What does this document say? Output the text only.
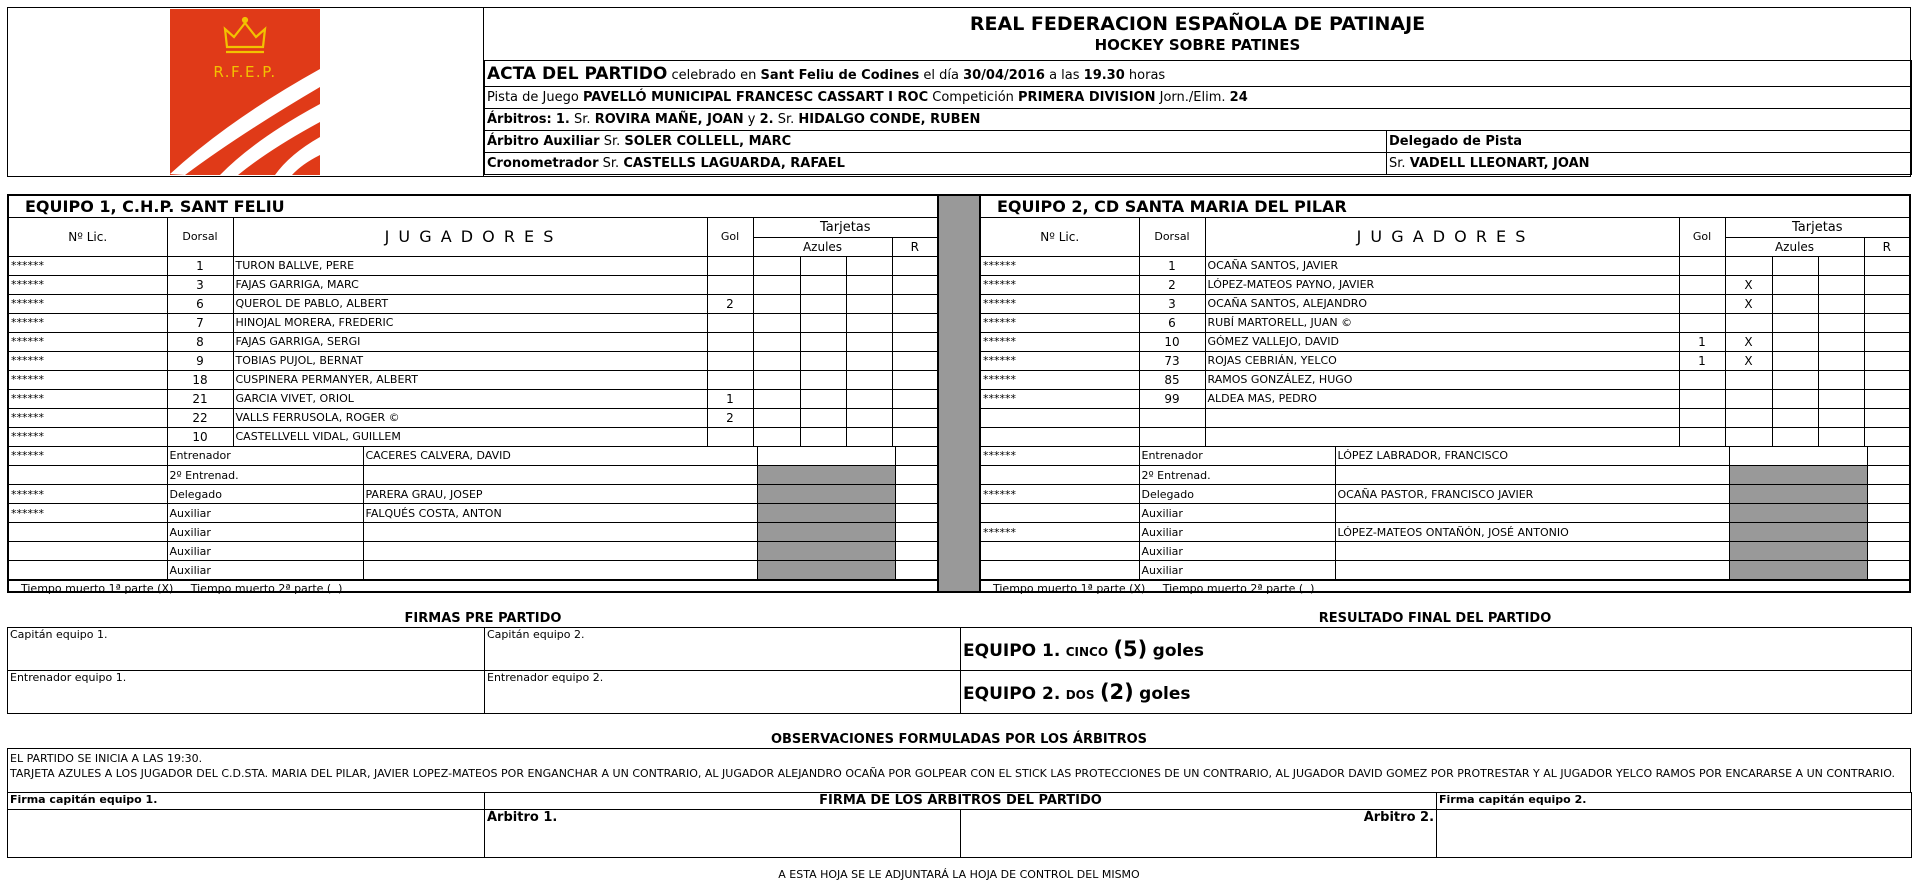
R.F.E.P.
REAL FEDERACION ESPAÑOLA DE PATINAJE
HOCKEY SOBRE PATINES
ACTA DEL PARTIDO celebrado en Sant Feliu de Codines el día 30/04/2016 a las 19.30 horas	
Pista de Juego PAVELLÓ MUNICIPAL FRANCESC CASSART I ROC Competición PRIMERA DIVISION Jorn./Elim. 24	
Árbitros: 1. Sr. ROVIRA MAÑE, JOAN y 2. Sr. HIDALGO CONDE, RUBEN	
Árbitro Auxiliar Sr. SOLER COLLELL, MARC	Delegado de Pista
Cronometrador Sr. CASTELLS LAGUARDA, RAFAEL	Sr. VADELL LLEONART, JOAN
EQUIPO 1, C.H.P. SANT FELIU
Nº Lic.	Dorsal	J U G A D O R E S	Gol	Tarjetas			
				Azules			R
******	1	TURON BALLVE, PERE					
******	3	FAJAS GARRIGA, MARC					
******	6	QUEROL DE PABLO, ALBERT	2				
******	7	HINOJAL MORERA, FREDERIC					
******	8	FAJAS GARRIGA, SERGI					
******	9	TOBIAS PUJOL, BERNAT					
******	18	CUSPINERA PERMANYER, ALBERT					
******	21	GARCIA VIVET, ORIOL	1				
******	22	VALLS FERRUSOLA, ROGER ©	2				
******	10	CASTELLVELL VIDAL, GUILLEM					
******	Entrenador	CACERES CALVERA, DAVID		
	2º Entrenad.			
******	Delegado	PARERA GRAU, JOSEP		
******	Auxiliar	FALQUÉS COSTA, ANTON		
	Auxiliar			
	Auxiliar			
	Auxiliar			
Tiempo muerto 1ª parte (X)     Tiempo muerto 2ª parte (  )
EQUIPO 2, CD SANTA MARIA DEL PILAR
Nº Lic.	Dorsal	J U G A D O R E S	Gol	Tarjetas			
				Azules			R
******	1	OCAÑA SANTOS, JAVIER					
******	2	LÓPEZ-MATEOS PAYNO, JAVIER		X			
******	3	OCAÑA SANTOS, ALEJANDRO		X			
******	6	RUBÍ MARTORELL, JUAN ©					
******	10	GÓMEZ VALLEJO, DAVID	1	X			
******	73	ROJAS CEBRIÁN, YELCO	1	X			
******	85	RAMOS GONZÁLEZ, HUGO					
******	99	ALDEA MAS, PEDRO					

******	Entrenador	LÓPEZ LABRADOR, FRANCISCO		
	2º Entrenad.			
******	Delegado	OCAÑA PASTOR, FRANCISCO JAVIER		
	Auxiliar			
******	Auxiliar	LÓPEZ-MATEOS ONTAÑÓN, JOSÉ ANTONIO		
	Auxiliar			
	Auxiliar			
Tiempo muerto 1ª parte (X)     Tiempo muerto 2ª parte (  )
FIRMAS PRE PARTIDO	RESULTADO FINAL DEL PARTIDO
Capitán equipo 1.	Capitán equipo 2.	EQUIPO 1. CINCO (5) goles
Entrenador equipo 1.	Entrenador equipo 2.	EQUIPO 2. DOS (2) goles
OBSERVACIONES FORMULADAS POR LOS ÁRBITROS
EL PARTIDO SE INICIA A LAS 19:30.
TARJETA AZULES A LOS JUGADOR DEL C.D.STA. MARIA DEL PILAR, JAVIER LOPEZ-MATEOS POR ENGANCHAR A UN CONTRARIO, AL JUGADOR ALEJANDRO OCAÑA POR GOLPEAR CON EL STICK LAS PROTECCIONES DE UN CONTRARIO, AL JUGADOR DAVID GOMEZ POR PROTRESTAR Y AL JUGADOR YELCO RAMOS POR ENCARARSE A UN CONTRARIO.
Firma capitán equipo 1.	FIRMA DE LOS ÁRBITROS DEL PARTIDO		Firma capitán equipo 2.
	Árbitro 1.	Árbitro 2.	
A ESTA HOJA SE LE ADJUNTARÁ LA HOJA DE CONTROL DEL MISMO
